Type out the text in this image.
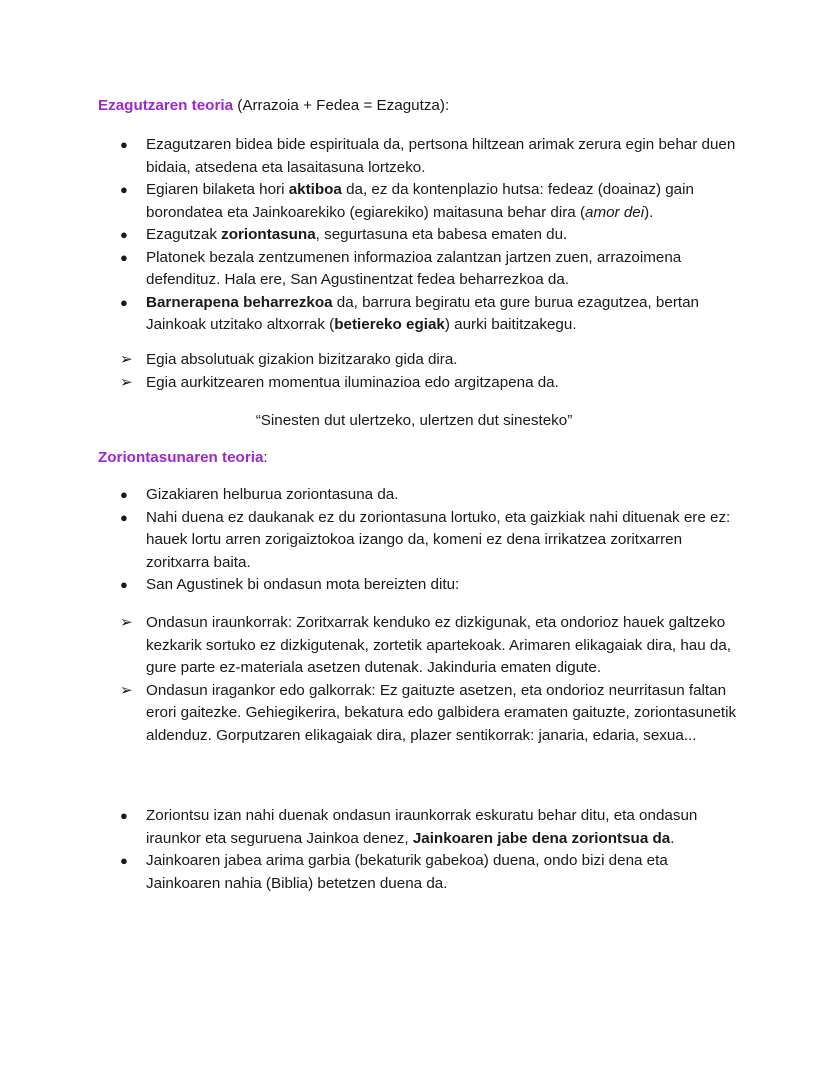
Ezagutzaren teoria (Arrazoia + Fedea = Ezagutza):
●	Ezagutzaren bidea bide espirituala da, pertsona hiltzean arimak zerura egin behar duen bidaia, atsedena eta lasaitasuna lortzeko.
●	Egiaren bilaketa hori aktiboa da, ez da kontenplazio hutsa: fedeaz (doainaz) gain borondatea eta Jainkoarekiko (egiarekiko) maitasuna behar dira (amor dei).
●	Ezagutzak zoriontasuna, segurtasuna eta babesa ematen du.
●	Platonek bezala zentzumenen informazioa zalantzan jartzen zuen, arrazoimena defendituz. Hala ere, San Agustinentzat fedea beharrezkoa da.
●	Barnerapena beharrezkoa da, barrura begiratu eta gure burua ezagutzea, bertan Jainkoak utzitako altxorrak (betiereko egiak) aurki baititzakegu.
➢ Egia absolutuak gizakion bizitzarako gida dira.
➢ Egia aurkitzearen momentua iluminazioa edo argitzapena da.
“Sinesten dut ulertzeko, ulertzen dut sinesteko”
Zoriontasunaren teoria:
●	Gizakiaren helburua zoriontasuna da.
●	Nahi duena ez daukanak ez du zoriontasuna lortuko, eta gaizkiak nahi dituenak ere ez: hauek lortu arren zorigaiztokoa izango da, komeni ez dena irrikatzea zoritxarren zoritxarra baita.
●	San Agustinek bi ondasun mota bereizten ditu:
➢ Ondasun iraunkorrak: Zoritxarrak kenduko ez dizkigunak, eta ondorioz hauek galtzeko kezkarik sortuko ez dizkigutenak, zortetik apartekoak. Arimaren elikagaiak dira, hau da, gure parte ez-materiala asetzen dutenak. Jakinduria ematen digute.
➢ Ondasun iragankor edo galkorrak: Ez gaituzte asetzen, eta ondorioz neurritasun faltan erori gaitezke. Gehiegikerira, bekatura edo galbidera eramaten gaituzte, zoriontasunetik aldenduz. Gorputzaren elikagaiak dira, plazer sentikorrak: janaria, edaria, sexua...
●	Zoriontsu izan nahi duenak ondasun iraunkorrak eskuratu behar ditu, eta ondasun iraunkor eta seguruena Jainkoa denez, Jainkoaren jabe dena zoriontsua da.
●	Jainkoaren jabea arima garbia (bekaturik gabekoa) duena, ondo bizi dena eta Jainkoaren nahia (Biblia) betetzen duena da.
